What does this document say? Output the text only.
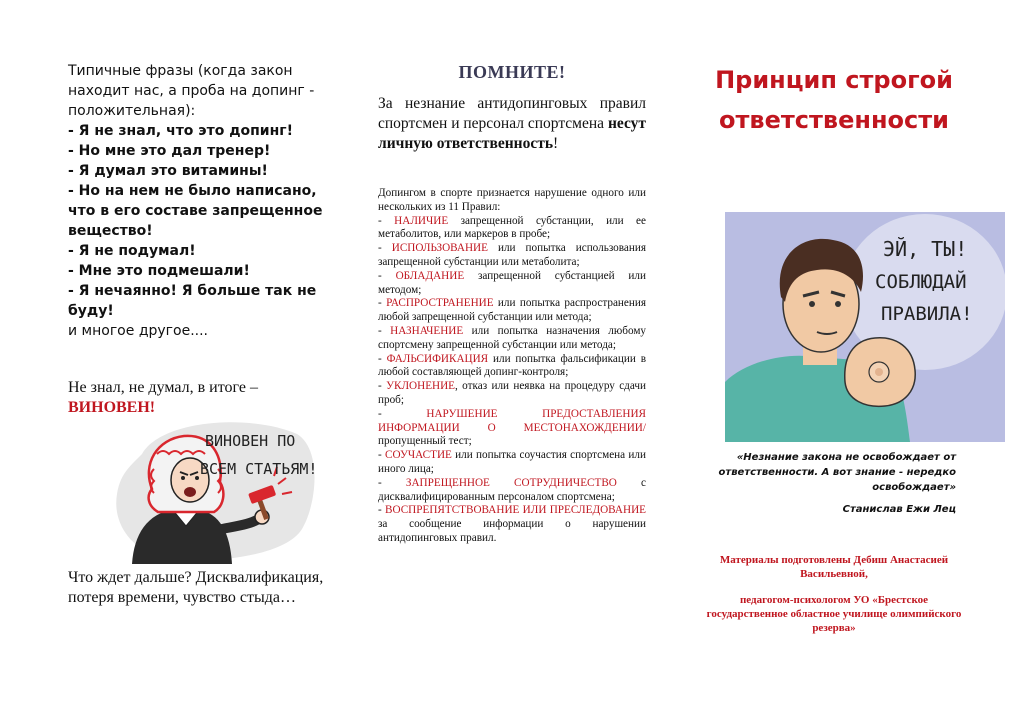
Типичные фразы (когда закон находит нас, а проба на допинг - положительная):
- Я не знал, что это допинг!
- Но мне это дал тренер!
- Я думал это витамины!
- Но на нем не было написано, что в его составе запрещенное вещество!
- Я не подумал!
- Мне это подмешали!
- Я нечаянно! Я больше так не буду!
и многое другое....
Не знал, не думал, в итоге –
ВИНОВЕН!
ВИНОВЕН ПО
ВСЕМ СТАТЬЯМ!
Что ждет дальше? Дисквалификация, потеря времени, чувство стыда…
ПОМНИТЕ!
За незнание антидопинговых правил спортсмен и персонал спортсмена несут личную ответственность!

Допингом в спорте признается нарушение одного или нескольких из 11 Правил:

- НАЛИЧИЕ запрещенной субстанции, или ее метаболитов, или маркеров в пробе;

- ИСПОЛЬЗОВАНИЕ или попытка использования запрещенной субстанции или метаболита;

- ОБЛАДАНИЕ запрещенной субстанцией или методом;

- РАСПРОСТРАНЕНИЕ или попытка распространения любой запрещенной субстанции или метода;

- НАЗНАЧЕНИЕ или попытка назначения любому спортсмену запрещенной субстанции или метода;

- ФАЛЬСИФИКАЦИЯ или попытка фальсификации в любой составляющей допинг-контроля;

- УКЛОНЕНИЕ, отказ или неявка на процедуру сдачи проб;

- НАРУШЕНИЕ ПРЕДОСТАВЛЕНИЯ ИНФОРМАЦИИ О МЕСТОНАХОЖДЕНИИ/пропущенный тест;

- СОУЧАСТИЕ или попытка соучастия спортсмена или иного лица;

- ЗАПРЕЩЕННОЕ СОТРУДНИЧЕСТВО с дисквалифицированным персоналом спортсмена;

- ВОСПРЕПЯТСТВОВАНИЕ ИЛИ ПРЕСЛЕДОВАНИЕ за сообщение информации о нарушении антидопинговых правил.

Принцип строгой ответственности
ЭЙ, ТЫ!
СОБЛЮДАЙ
ПРАВИЛА!
«Незнание закона не освобождает от ответственности. А вот знание - нередко освобождает»
Станислав Ежи Лец
Материалы подготовлены Дебиш Анастасией Васильевной,
педагогом-психологом УО «Брестское государственное областное училище олимпийского резерва»
